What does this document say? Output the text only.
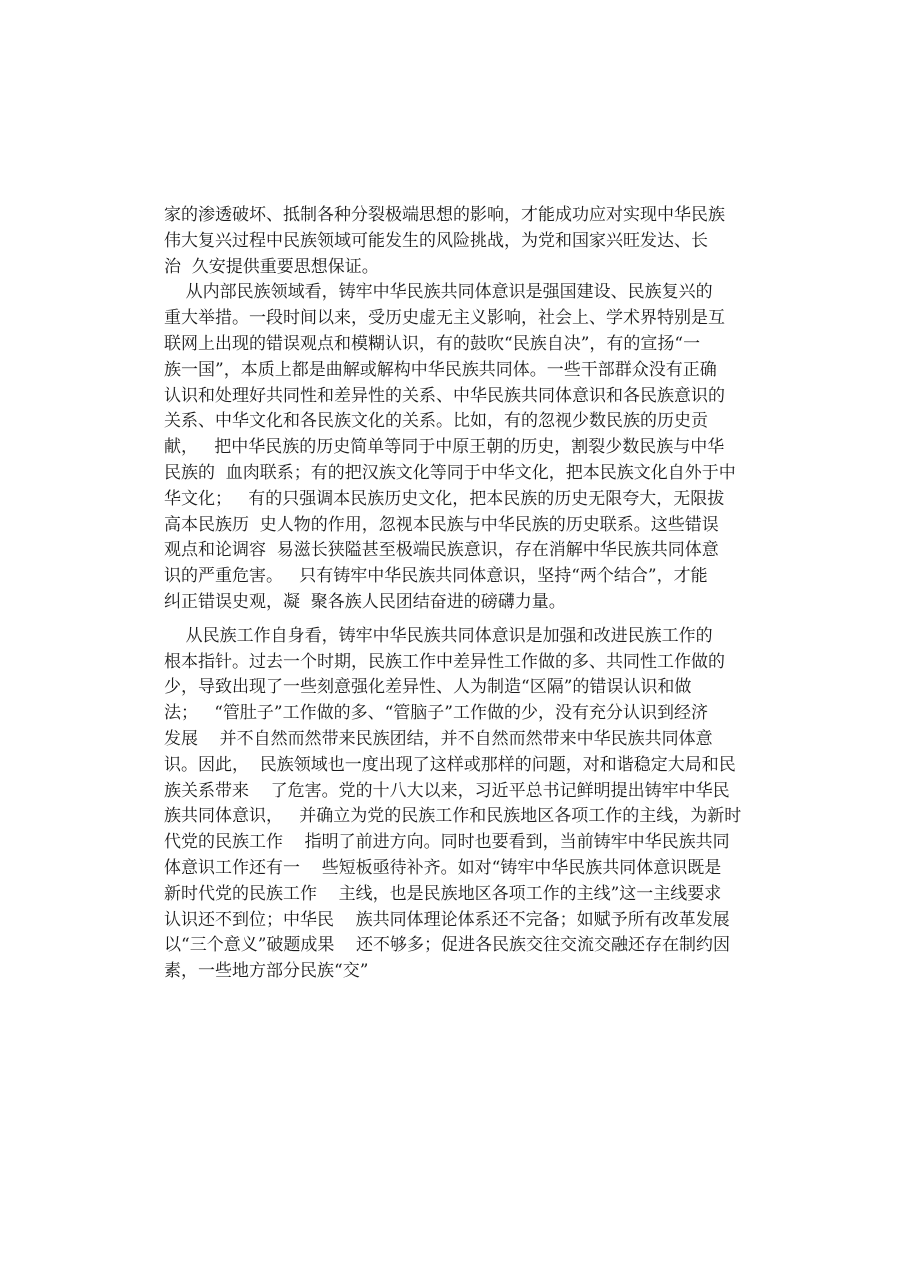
家的渗透破坏、抵制各种分裂极端思想的影响，才能成功应对实现中华民族
伟大复兴过程中民族领域可能发生的风险挑战，为党和国家兴旺发达、长
治  久安提供重要思想保证。

从内部民族领域看，铸牢中华民族共同体意识是强国建设、民族复兴的
重大举措。一段时间以来，受历史虚无主义影响，社会上、学术界特别是互
联网上出现的错误观点和模糊认识，有的鼓吹“民族自决”，有的宣扬“一
族一国”，本质上都是曲解或解构中华民族共同体。一些干部群众没有正确
认识和处理好共同性和差异性的关系、中华民族共同体意识和各民族意识的
关系、中华文化和各民族文化的关系。比如，有的忽视少数民族的历史贡
献，   把中华民族的历史简单等同于中原王朝的历史，割裂少数民族与中华
民族的  血肉联系；有的把汉族文化等同于中华文化，把本民族文化自外于中
华文化；   有的只强调本民族历史文化，把本民族的历史无限夸大，无限拔
高本民族历  史人物的作用，忽视本民族与中华民族的历史联系。这些错误
观点和论调容  易滋长狭隘甚至极端民族意识，存在消解中华民族共同体意
识的严重危害。   只有铸牢中华民族共同体意识，坚持“两个结合”，才能
纠正错误史观，凝  聚各族人民团结奋进的磅礴力量。

从民族工作自身看，铸牢中华民族共同体意识是加强和改进民族工作的
根本指针。过去一个时期，民族工作中差异性工作做的多、共同性工作做的
少，导致出现了一些刻意强化差异性、人为制造“区隔”的错误认识和做
法；   “管肚子”工作做的多、“管脑子”工作做的少，没有充分认识到经济
发展    并不自然而然带来民族团结，并不自然而然带来中华民族共同体意
识。因此，  民族领域也一度出现了这样或那样的问题，对和谐稳定大局和民
族关系带来    了危害。党的十八大以来，习近平总书记鲜明提出铸牢中华民
族共同体意识，   并确立为党的民族工作和民族地区各项工作的主线，为新时
代党的民族工作    指明了前进方向。同时也要看到，当前铸牢中华民族共同
体意识工作还有一    些短板亟待补齐。如对“铸牢中华民族共同体意识既是
新时代党的民族工作    主线，也是民族地区各项工作的主线”这一主线要求
认识还不到位；中华民    族共同体理论体系还不完备；如赋予所有改革发展
以“三个意义”破题成果    还不够多；促进各民族交往交流交融还存在制约因
素，一些地方部分民族“交”
